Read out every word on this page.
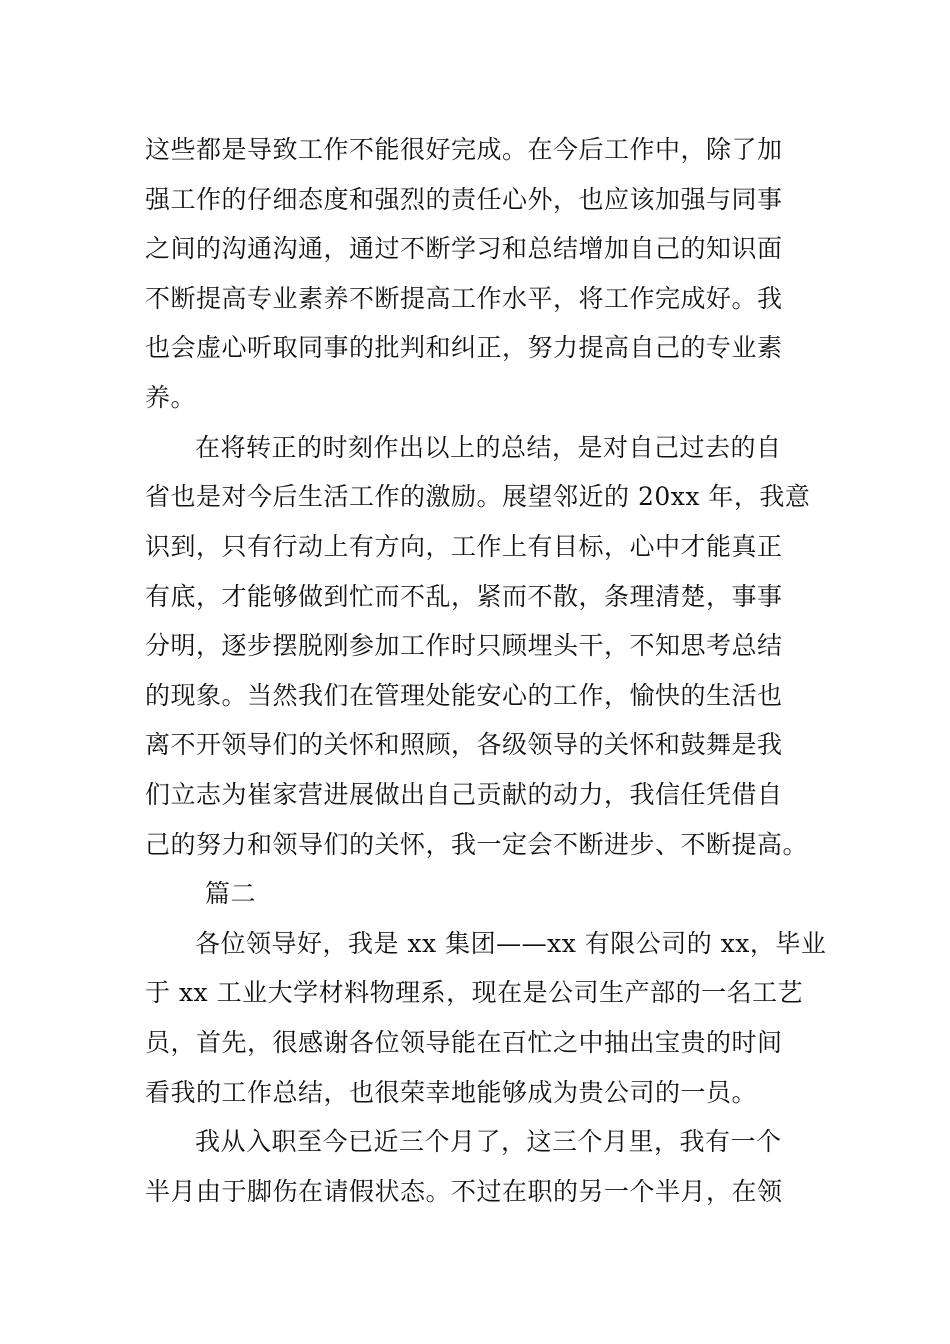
这些都是导致工作不能很好完成。在今后工作中，除了加
强工作的仔细态度和强烈的责任心外，也应该加强与同事
之间的沟通沟通，通过不断学习和总结增加自己的知识面
不断提高专业素养不断提高工作水平，将工作完成好。我
也会虚心听取同事的批判和纠正，努力提高自己的专业素
养。
在将转正的时刻作出以上的总结，是对自己过去的自
省也是对今后生活工作的激励。展望邻近的 20xx 年，我意
识到，只有行动上有方向，工作上有目标，心中才能真正
有底，才能够做到忙而不乱，紧而不散，条理清楚，事事
分明，逐步摆脱刚参加工作时只顾埋头干，不知思考总结
的现象。当然我们在管理处能安心的工作，愉快的生活也
离不开领导们的关怀和照顾，各级领导的关怀和鼓舞是我
们立志为崔家营进展做出自己贡献的动力，我信任凭借自
己的努力和领导们的关怀，我一定会不断进步、不断提高。
篇二
各位领导好，我是 xx 集团——xx 有限公司的 xx，毕业
于 xx 工业大学材料物理系，现在是公司生产部的一名工艺
员，首先，很感谢各位领导能在百忙之中抽出宝贵的时间
看我的工作总结，也很荣幸地能够成为贵公司的一员。
我从入职至今已近三个月了，这三个月里，我有一个
半月由于脚伤在请假状态。不过在职的另一个半月，在领
